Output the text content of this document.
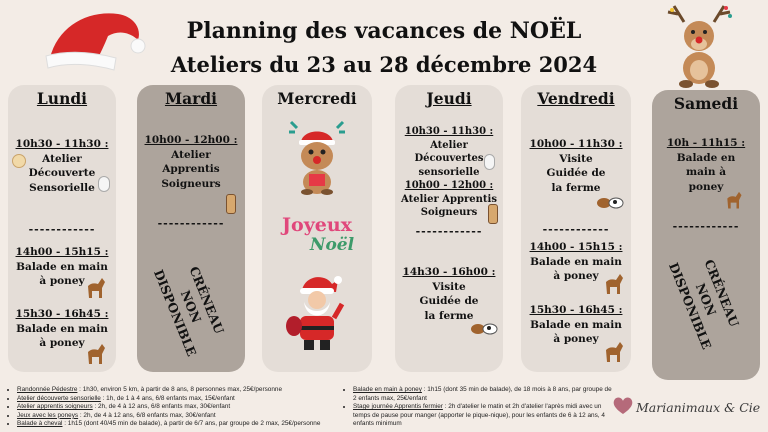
Planning des vacances de NOËL
Ateliers du 23 au 28 décembre 2024
Lundi
10h30 - 11h30 :
Atelier Découverte Sensorielle
------------
14h00 - 15h15 :
Balade en main à poney
15h30 - 16h45 :
Balade en main à poney
Mardi
10h00 - 12h00 :
Atelier Apprentis Soigneurs
------------
CRÉNEAU NON DISPONIBLE
Mercredi
Joyeux
Noël
Jeudi
10h30 - 11h30 :
Atelier Découvertes sensorielle
10h00 - 12h00 :
Atelier Apprentis Soigneurs
------------
14h30 - 16h00 :
Visite Guidée de la ferme
Vendredi
10h00 - 11h30 :
Visite Guidée de la ferme
------------
14h00 - 15h15 :
Balade en main à poney
15h30 - 16h45 :
Balade en main à poney
Samedi
10h - 11h15 :
Balade en main à poney
------------
CRÉNEAU NON DISPONIBLE
• Randonnée Pédestre : 1h30, environ 5 km, à partir de 8 ans, 8 personnes max, 25€/personne
• Atelier découverte sensorielle : 1h, de 1 à 4 ans, 6/8 enfants max, 15€/enfant
• Atelier apprentis soigneurs : 2h, de 4 à 12 ans, 6/8 enfants max, 30€/enfant
• Jeux avec les poneys : 2h, de 4 à 12 ans, 6/8 enfants max, 30€/enfant
• Balade à cheval : 1h15 (dont 40/45 min de balade), à partir de 6/7 ans, par groupe de 2 max, 25€/personne
• Balade en main à poney : 1h15 (dont 35 min de balade), de 18 mois à 8 ans, par groupe de 2 enfants max, 25€/enfant
• Stage journée Apprentis fermier : 2h d'atelier le matin et 2h d'atelier l'après midi avec un temps de pause pour manger (apporter le pique-nique), pour les enfants de 6 à 12 ans, 4 enfants minimum
Marianimaux & Cie
